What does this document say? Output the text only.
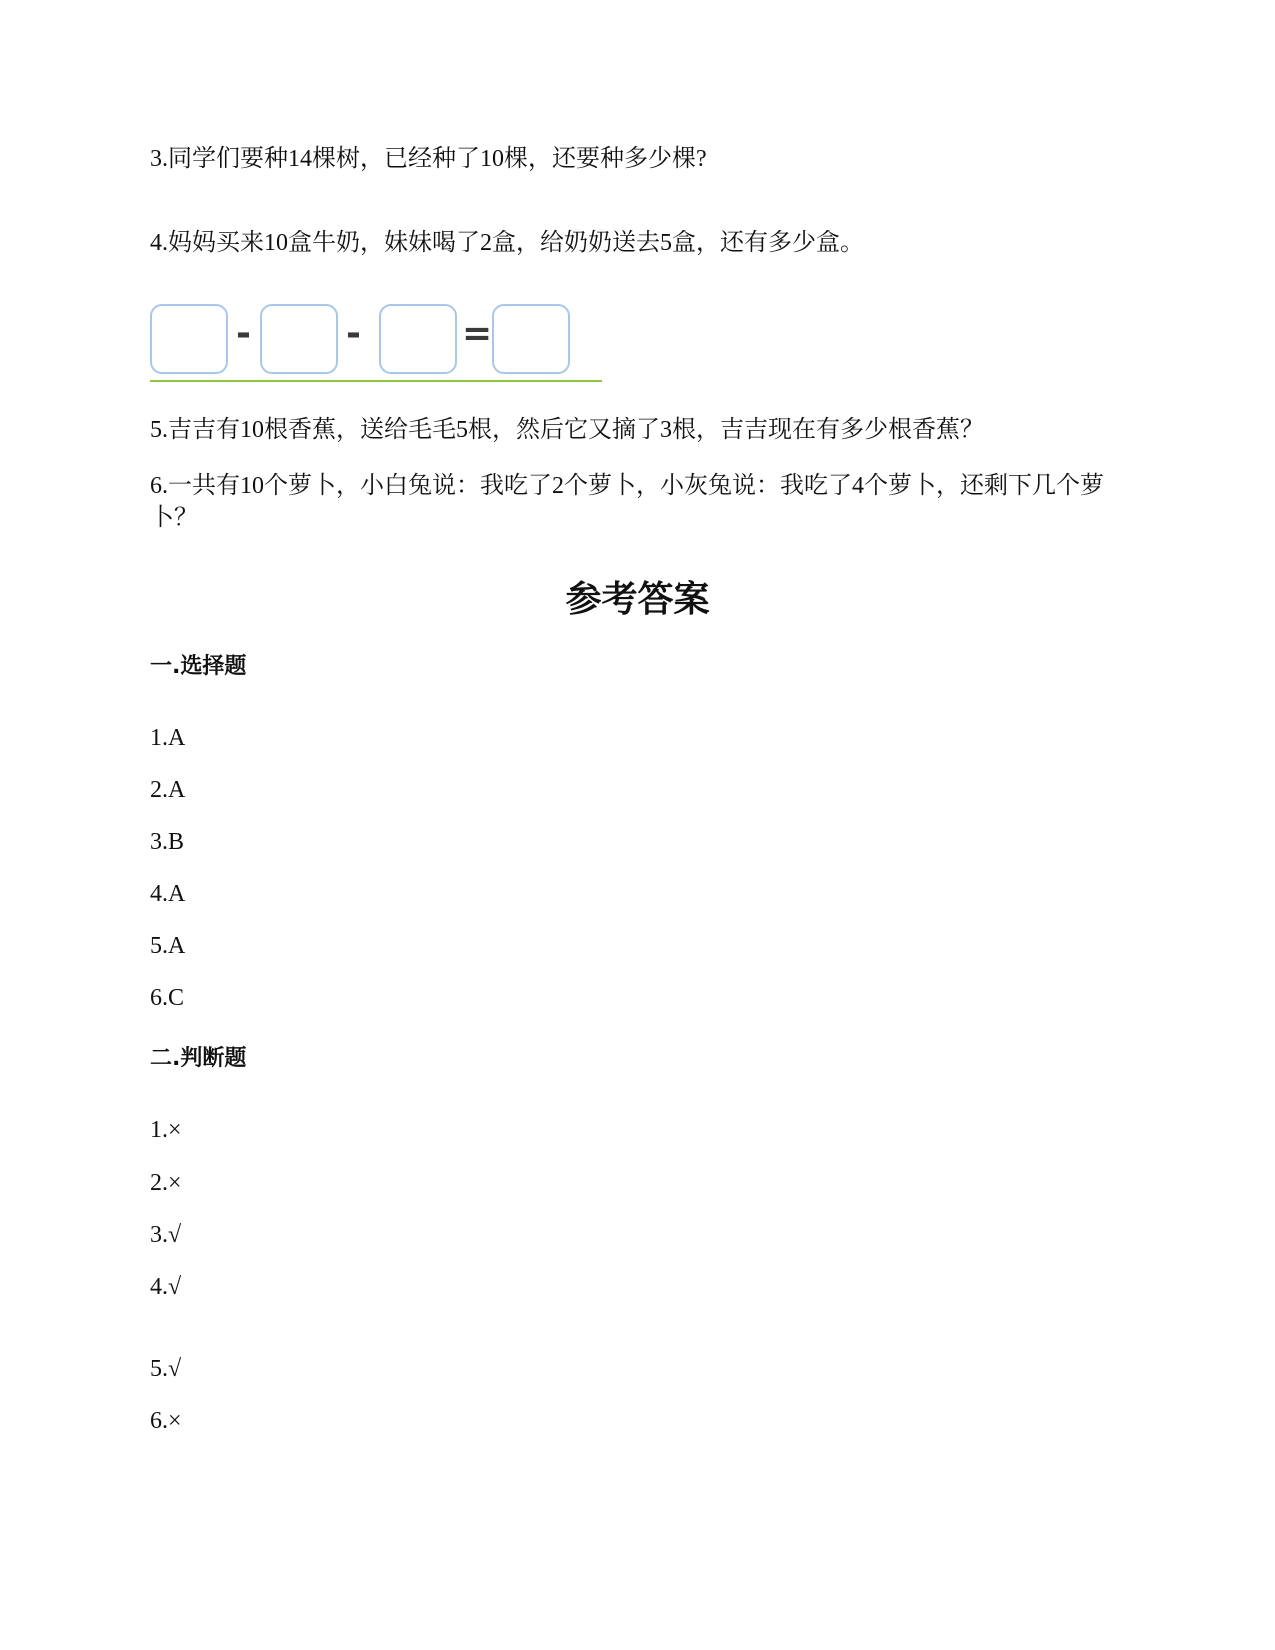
3.同学们要种14棵树，已经种了10棵，还要种多少棵?

4.妈妈买来10盒牛奶，妹妹喝了2盒，给奶奶送去5盒，还有多少盒。

-	-	=

5.吉吉有10根香蕉，送给毛毛5根，然后它又摘了3根，吉吉现在有多少根香蕉？

6.一共有10个萝卜，小白兔说：我吃了2个萝卜，小灰兔说：我吃了4个萝卜，还剩下几个萝卜？

参考答案
一.选择题

1.A

2.A

3.B

4.A

5.A

6.C

二.判断题

1.×

2.×

3.√

4.√

5.√

6.×
